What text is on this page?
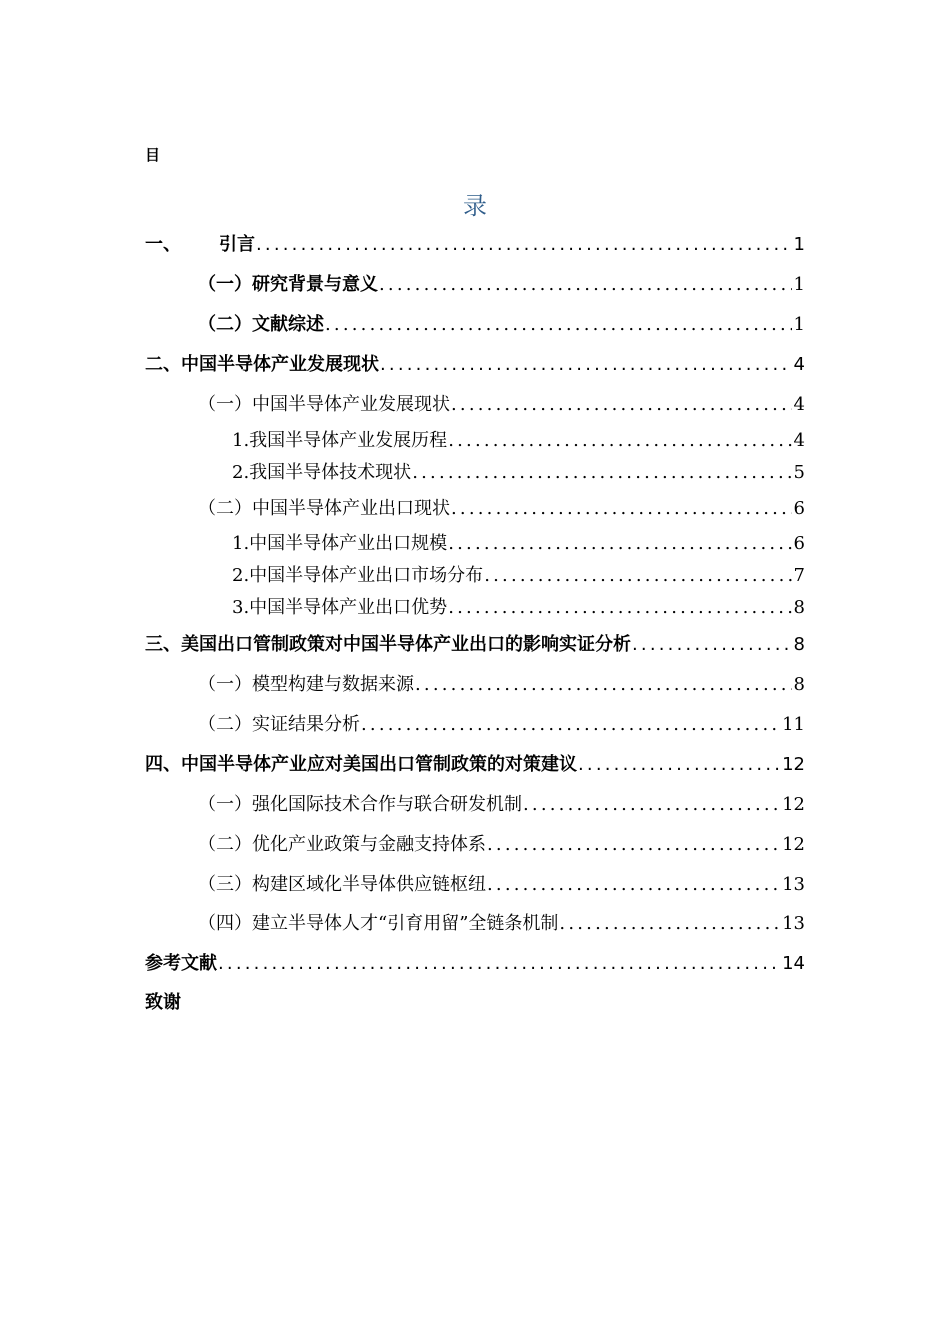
目
录
一、 引言 .....	1
（一）研究背景与意义 .....	1
（二）文献综述 .....	1
二、中国半导体产业发展现状 .....	4
（一）中国半导体产业发展现状 .....	4
1.我国半导体产业发展历程 .....	4
2.我国半导体技术现状 .....	5
（二）中国半导体产业出口现状 .....	6
1.中国半导体产业出口规模 .....	6
2.中国半导体产业出口市场分布 .....	7
3.中国半导体产业出口优势 .....	8
三、美国出口管制政策对中国半导体产业出口的影响实证分析 .....	8
（一）模型构建与数据来源 .....	8
（二）实证结果分析 .....	11
四、中国半导体产业应对美国出口管制政策的对策建议 .....	12
（一）强化国际技术合作与联合研发机制 .....	12
（二）优化产业政策与金融支持体系 .....	12
（三）构建区域化半导体供应链枢纽 .....	13
（四）建立半导体人才“引育用留”全链条机制 .....	13
参考文献 .....	14
致谢
